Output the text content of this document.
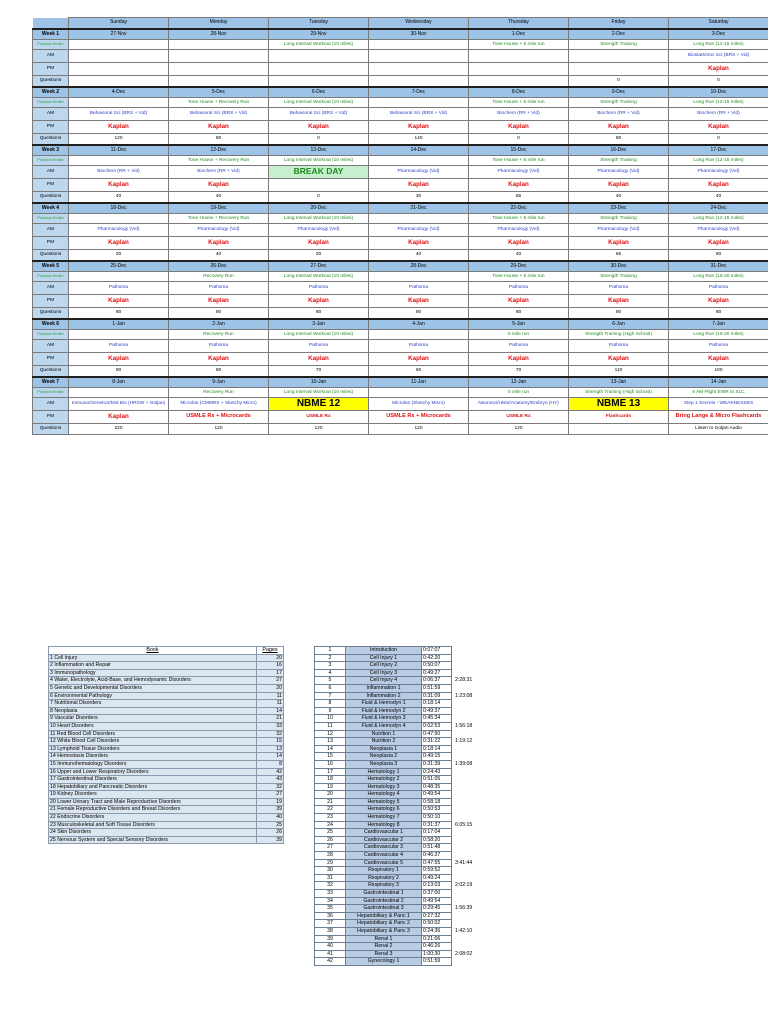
	Sunday	Monday	Tuesday	Wednesday	Thursday	Friday	Saturday
Week 1	27-Nov	28-Nov	29-Nov	30-Nov	1-Dec	2-Dec	3-Dec
Physical Health			Long Interval Workout (10 miles)		Tone House + 5 mile run	Strength Training	Long Run (12-15 miles)
AM							Biostats/Soc Sci (BRS + Vid)
PM							Kaplan
Questions						0	0
Week 2	4-Dec	5-Dec	6-Dec	7-Dec	8-Dec	9-Dec	10-Dec
Physical Health		Tone House + Recovery Run	Long Interval Workout (10 miles)		Tone House + 5 mile run	Strength Training	Long Run (12-15 miles)
AM	Behavioral Sci (BRS + Vid)	Behavioral Sci (BRS + Vid)	Behavioral Sci (BRS + Vid)	Behavioral Sci (BRS + Vid)	Biochem (RR + Vid)	Biochem (RR + Vid)	Biochem (RR + Vid)
PM	Kaplan	Kaplan	Kaplan	Kaplan	Kaplan	Kaplan	Kaplan
Questions	120	80	0	140	0	80	0
Week 3	11-Dec	12-Dec	13-Dec	14-Dec	15-Dec	16-Dec	17-Dec
Physical Health		Tone House + Recovery Run	Long Interval Workout (10 miles)		Tone House + 5 mile run	Strength Training	Long Run (12-15 miles)
AM	Biochem (RR + Vid)	Biochem (RR + Vid)	BREAK DAY	Pharmacology (Vid)	Pharmacology (Vid)	Pharmacology (Vid)	Pharmacology (Vid)
PM	Kaplan	Kaplan		Kaplan	Kaplan	Kaplan	Kaplan
Questions	40	40	0	30	65	40	40
Week 4	18-Dec	19-Dec	20-Dec	21-Dec	22-Dec	23-Dec	24-Dec
Physical Health		Tone House + Recovery Run	Long Interval Workout (10 miles)		Tone House + 5 mile run	Strength Training	Long Run (12-15 miles)
AM	Pharmacology (Vid)	Pharmacology (Vid)	Pharmacology (Vid)	Pharmacology (Vid)	Pharmacology (Vid)	Pharmacology (Vid)	Pharmacology (Vid)
PM	Kaplan	Kaplan	Kaplan	Kaplan	Kaplan	Kaplan	Kaplan
Questions	20	40	20	40	40	65	80
Week 5	25-Dec	26-Dec	27-Dec	28-Dec	29-Dec	30-Dec	31-Dec
Physical Health		Recovery Run	Long Interval Workout (10 miles)		Tone House + 5 mile run	Strength Training	Long Run (15-20 miles)
AM	Pathoma	Pathoma	Pathoma	Pathoma	Pathoma	Pathoma	Pathoma
PM	Kaplan	Kaplan	Kaplan	Kaplan	Kaplan	Kaplan	Kaplan
Questions	80	80	80	80	80	80	80
Week 6	1-Jan	2-Jan	3-Jan	4-Jan	5-Jan	6-Jan	7-Jan
Physical Health		Recovery Run	Long Interval Workout (10 miles)		5 mile run	Strength Training (High School)	Long Run (15-20 miles)
AM	Pathoma	Pathoma	Pathoma	Pathoma	Pathoma	Pathoma	Pathoma
PM	Kaplan	Kaplan	Kaplan	Kaplan	Kaplan	Kaplan	Kaplan
Questions	80	80	70	60	70	110	100
Week 7	8-Jan	9-Jan	10-Jan	11-Jan	12-Jan	13-Jan	14-Jan
Physical Health		Recovery Run	Long Interval Workout (10 miles)		5 mile run	Strength Training (High School)	9 AM Flight EWR to SLC
AM	Immuno/Genetics/Mol Bio (HRSW + Goljan)	Microbio (CMMRS + Sketchy Micro)	NBME 12	Microbio (Sketchy Micro)	Neurosci/Histo/Anatomy/Embryo (HY)	NBME 13	Step 1 Secrets - WEAKNESSES
PM	Kaplan	USMLE Rx + Microcards	USMLE Rx	USMLE Rx + Microcards	USMLE Rx	Flashcards	Bring Lange & Micro Flashcards
Questions	220	120	120	120	120		Listen to Goljan Audio
Book	Pages
1 Cell Injury	20
2 Inflammation and Repair	16
3 Immunopathology	17
4 Water, Electrolyte, Acid-Base, and Hemodynamic Disorders	27
5 Genetic and Developmental Disorders	20
6 Environmental Pathology	11
7 Nutritional Disorders	11
8 Neoplasia	14
9 Vascular Disorders	21
10 Heart Disorders	33
11 Red Blood Cell Disorders	32
12 White Blood Cell Disorders	15
13 Lymphoid Tissue Disorders	13
14 Hemostasis Disorders	14
15 Immunohematology Disorders	8
16 Upper and Lower Respiratory Disorders	42
17 Gastrointestinal Disorders	43
18 Hepatobiliary and Pancreatic Disorders	32
19 Kidney Disorders	27
20 Lower Urinary Tract and Male Reproductive Disorders	19
21 Female Reproductive Disorders and Breast Disorders	39
22 Endocrine Disorders	40
23 Musculoskeletal and Soft Tissue Disorders	25
24 Skin Disorders	26
25 Nervous System and Special Sensory Disorders	39
1	Introduction	0:07:07	
2	Cell Injury 1	0:42:20	
3	Cell Injury 2	0:50:07	
4	Cell Injury 3	0:49:27	
5	Cell Injury 4	0:06:37	2:28:31
6	Inflammation 1	0:51:59	
7	Inflammation 2	0:31:09	1:23:08
8	Fluid & Hemodyn 1	0:18:14	
9	Fluid & Hemodyn 2	0:49:37	
10	Fluid & Hemodyn 3	0:45:34	
11	Fluid & Hemodyn 4	0:02:53	1:56:18
12	Nutrition 1	0:47:50	
13	Nutrition 2	0:31:22	1:19:12
14	Neoplasia 1	0:18:14	
15	Neoplasia 2	0:49:15	
16	Neoplasia 3	0:31:39	1:39:08
17	Hematology 1	0:24:43	
18	Hematology 2	0:51:05	
19	Hematology 3	0:48:35	
20	Hematology 4	0:49:54	
21	Hematology 5	0:58:18	
22	Hematology 6	0:50:53	
23	Hematology 7	0:50:10	
24	Hematology 8	0:31:37	6:05:15
25	Cardiovascular 1	0:17:04	
26	Cardiovascular 2	0:58:20	
27	Cardiovascular 3	0:51:48	
28	Cardiovascular 4	0:46:37	
29	Cardiovascular 5	0:47:55	3:41:44
30	Respiratory 1	0:59:52	
31	Respiratory 2	0:49:24	
32	Respiratory 3	0:13:03	2:02:19
33	Gastrointestinal 1	0:37:00	
34	Gastrointestinal 2	0:49:54	
35	Gastrointestinal 3	0:29:45	1:56:39
36	Hepatobiliary & Panc 1	0:27:32	
37	Hepatobiliary & Panc 2	0:50:02	
38	Hepatobiliary & Panc 3	0:24:36	1:42:10
39	Renal 1	0:21:06	
40	Renal 2	0:46:26	
41	Renal 3	1:00:30	2:08:02
42	Gynecology 1	0:51:59	
